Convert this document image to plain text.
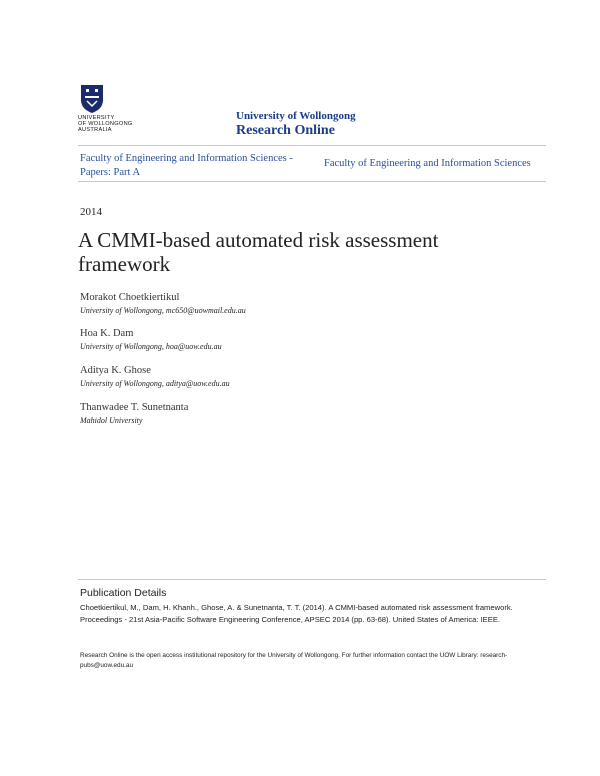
UNIVERSITY
OF WOLLONGONG
AUSTRALIA
University of Wollongong
Research Online
Faculty of Engineering and Information Sciences - Papers: Part A
Faculty of Engineering and Information Sciences
2014
A CMMI-based automated risk assessment framework
Morakot Choetkiertikul
University of Wollongong, mc650@uowmail.edu.au
Hoa K. Dam
University of Wollongong, hoa@uow.edu.au
Aditya K. Ghose
University of Wollongong, aditya@uow.edu.au
Thanwadee T. Sunetnanta
Mahidol University
Publication Details
Choetkiertikul, M., Dam, H. Khanh., Ghose, A. & Sunetnanta, T. T. (2014). A CMMI-based automated risk assessment framework. Proceedings - 21st Asia-Pacific Software Engineering Conference, APSEC 2014 (pp. 63-68). United States of America: IEEE.
Research Online is the open access institutional repository for the University of Wollongong. For further information contact the UOW Library: research-pubs@uow.edu.au
